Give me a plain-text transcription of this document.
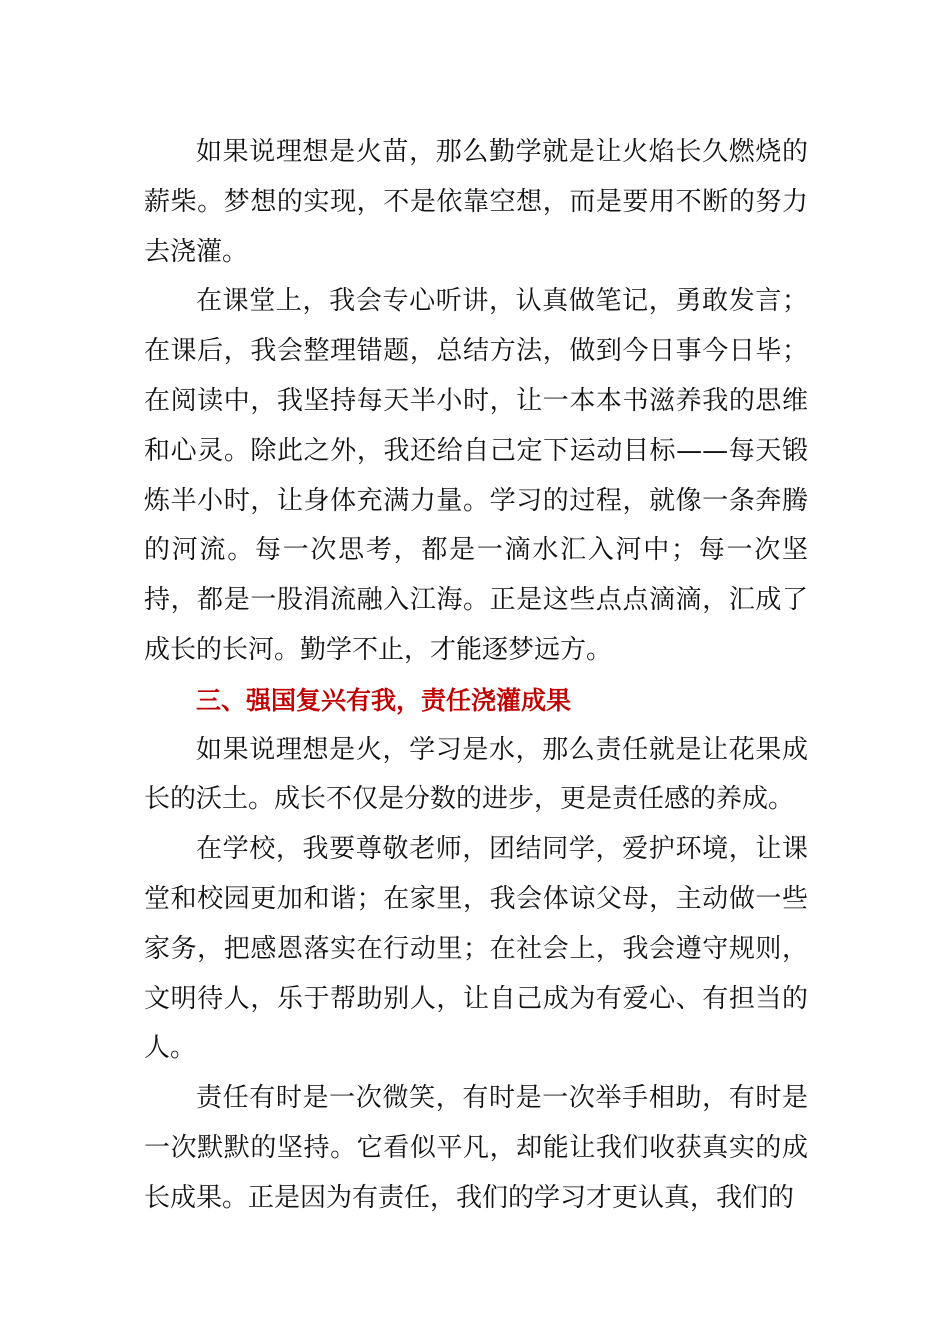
如果说理想是火苗，那么勤学就是让火焰长久燃烧的薪柴。梦想的实现，不是依靠空想，而是要用不断的努力去浇灌。

在课堂上，我会专心听讲，认真做笔记，勇敢发言；在课后，我会整理错题，总结方法，做到今日事今日毕；在阅读中，我坚持每天半小时，让一本本书滋养我的思维和心灵。除此之外，我还给自己定下运动目标——每天锻炼半小时，让身体充满力量。学习的过程，就像一条奔腾的河流。每一次思考，都是一滴水汇入河中；每一次坚持，都是一股涓流融入江海。正是这些点点滴滴，汇成了成长的长河。勤学不止，才能逐梦远方。

三、强国复兴有我，责任浇灌成果

如果说理想是火，学习是水，那么责任就是让花果成长的沃土。成长不仅是分数的进步，更是责任感的养成。

在学校，我要尊敬老师，团结同学，爱护环境，让课堂和校园更加和谐；在家里，我会体谅父母，主动做一些家务，把感恩落实在行动里；在社会上，我会遵守规则，文明待人，乐于帮助别人，让自己成为有爱心、有担当的人。

责任有时是一次微笑，有时是一次举手相助，有时是一次默默的坚持。它看似平凡，却能让我们收获真实的成长成果。正是因为有责任，我们的学习才更认真，我们的
